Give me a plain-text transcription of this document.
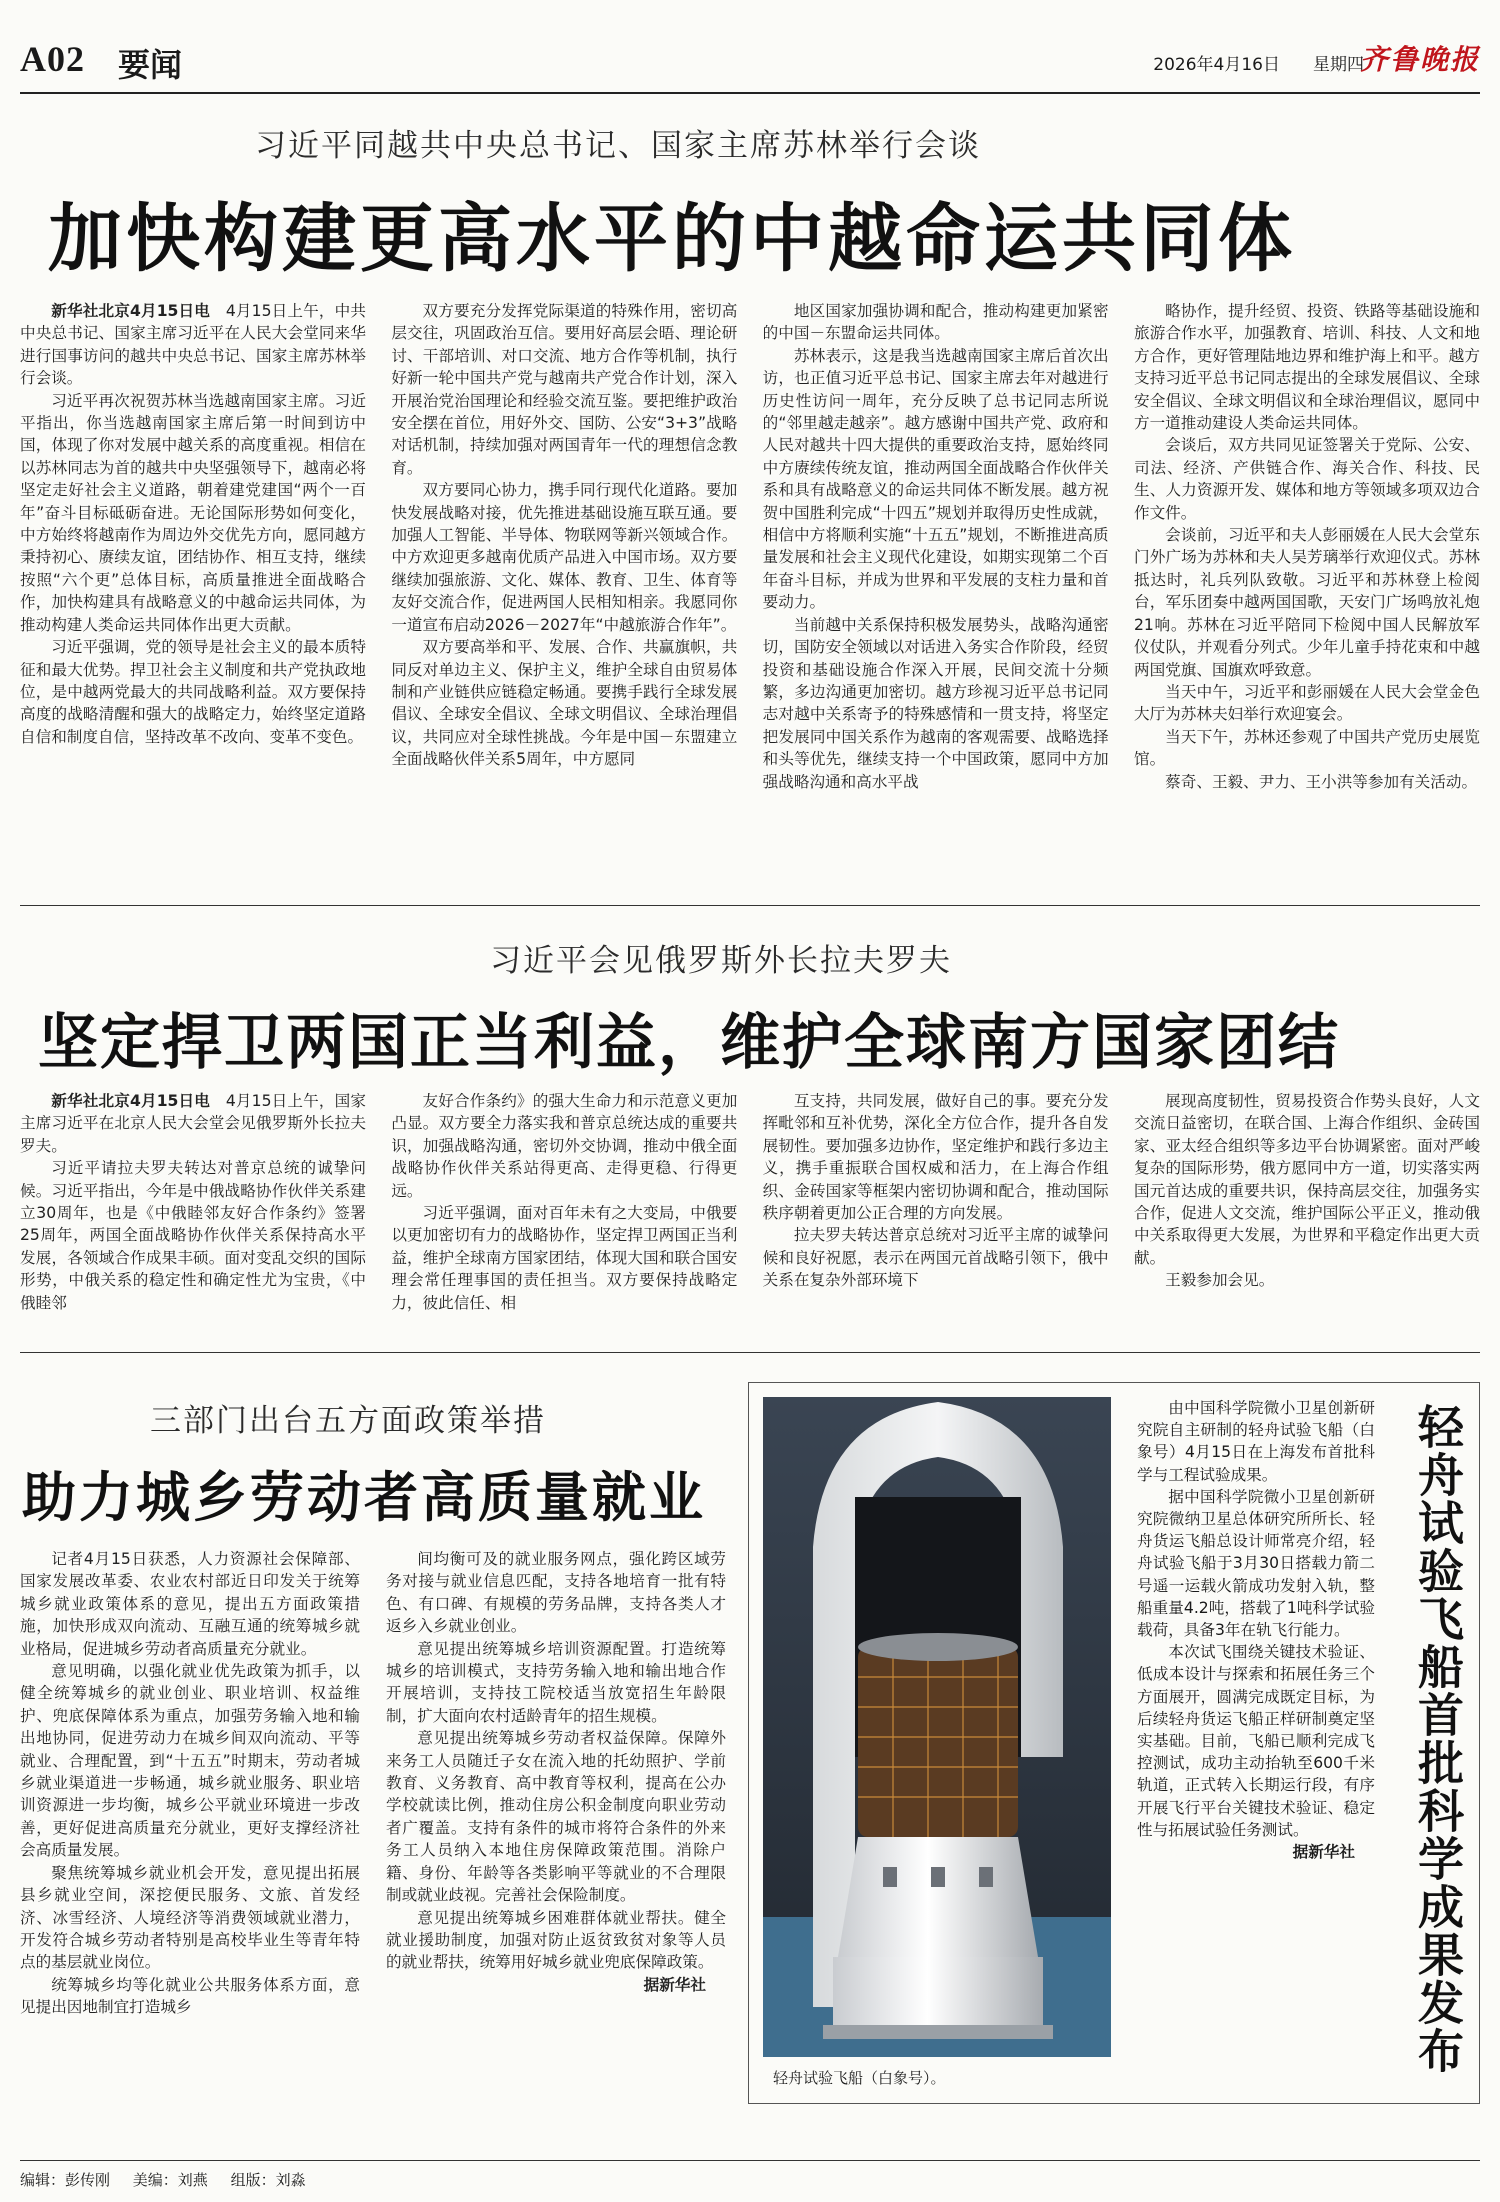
A02 要闻	2026年4月16日 星期四
齐鲁晚报
习近平同越共中央总书记、国家主席苏林举行会谈
加快构建更高水平的中越命运共同体

新华社北京4月15日电　 4月15日上午，中共中央总书记、国家主席习近平在人民大会堂同来华进行国事访问的越共中央总书记、国家主席苏林举行会谈。

习近平再次祝贺苏林当选越南国家主席。习近平指出，你当选越南国家主席后第一时间到访中国，体现了你对发展中越关系的高度重视。相信在以苏林同志为首的越共中央坚强领导下，越南必将坚定走好社会主义道路，朝着建党建国“两个一百年”奋斗目标砥砺奋进。无论国际形势如何变化，中方始终将越南作为周边外交优先方向，愿同越方秉持初心、赓续友谊，团结协作、相互支持，继续按照“六个更”总体目标，高质量推进全面战略合作，加快构建具有战略意义的中越命运共同体，为推动构建人类命运共同体作出更大贡献。

习近平强调，党的领导是社会主义的最本质特征和最大优势。捍卫社会主义制度和共产党执政地位，是中越两党最大的共同战略利益。双方要保持高度的战略清醒和强大的战略定力，始终坚定道路自信和制度自信，坚持改革不改向、变革不变色。

双方要充分发挥党际渠道的特殊作用，密切高层交往，巩固政治互信。要用好高层会晤、理论研讨、干部培训、对口交流、地方合作等机制，执行好新一轮中国共产党与越南共产党合作计划，深入开展治党治国理论和经验交流互鉴。要把维护政治安全摆在首位，用好外交、国防、公安“3+3”战略对话机制，持续加强对两国青年一代的理想信念教育。

双方要同心协力，携手同行现代化道路。要加快发展战略对接，优先推进基础设施互联互通。要加强人工智能、半导体、物联网等新兴领域合作。中方欢迎更多越南优质产品进入中国市场。双方要继续加强旅游、文化、媒体、教育、卫生、体育等友好交流合作，促进两国人民相知相亲。我愿同你一道宣布启动2026－2027年“中越旅游合作年”。

双方要高举和平、发展、合作、共赢旗帜，共同反对单边主义、保护主义，维护全球自由贸易体制和产业链供应链稳定畅通。要携手践行全球发展倡议、全球安全倡议、全球文明倡议、全球治理倡议，共同应对全球性挑战。今年是中国－东盟建立全面战略伙伴关系5周年，中方愿同

地区国家加强协调和配合，推动构建更加紧密的中国－东盟命运共同体。

苏林表示，这是我当选越南国家主席后首次出访，也正值习近平总书记、国家主席去年对越进行历史性访问一周年，充分反映了总书记同志所说的“邻里越走越亲”。越方感谢中国共产党、政府和人民对越共十四大提供的重要政治支持，愿始终同中方赓续传统友谊，推动两国全面战略合作伙伴关系和具有战略意义的命运共同体不断发展。越方祝贺中国胜利完成“十四五”规划并取得历史性成就，相信中方将顺利实施“十五五”规划，不断推进高质量发展和社会主义现代化建设，如期实现第二个百年奋斗目标，并成为世界和平发展的支柱力量和首要动力。

当前越中关系保持积极发展势头，战略沟通密切，国防安全领域以对话进入务实合作阶段，经贸投资和基础设施合作深入开展，民间交流十分频繁，多边沟通更加密切。越方珍视习近平总书记同志对越中关系寄予的特殊感情和一贯支持，将坚定把发展同中国关系作为越南的客观需要、战略选择和头等优先，继续支持一个中国政策，愿同中方加强战略沟通和高水平战

略协作，提升经贸、投资、铁路等基础设施和旅游合作水平，加强教育、培训、科技、人文和地方合作，更好管理陆地边界和维护海上和平。越方支持习近平总书记同志提出的全球发展倡议、全球安全倡议、全球文明倡议和全球治理倡议，愿同中方一道推动建设人类命运共同体。

会谈后，双方共同见证签署关于党际、公安、司法、经济、产供链合作、海关合作、科技、民生、人力资源开发、媒体和地方等领域多项双边合作文件。

会谈前，习近平和夫人彭丽媛在人民大会堂东门外广场为苏林和夫人吴芳璃举行欢迎仪式。苏林抵达时，礼兵列队致敬。习近平和苏林登上检阅台，军乐团奏中越两国国歌，天安门广场鸣放礼炮21响。苏林在习近平陪同下检阅中国人民解放军仪仗队，并观看分列式。少年儿童手持花束和中越两国党旗、国旗欢呼致意。

当天中午，习近平和彭丽媛在人民大会堂金色大厅为苏林夫妇举行欢迎宴会。

当天下午，苏林还参观了中国共产党历史展览馆。

蔡奇、王毅、尹力、王小洪等参加有关活动。

习近平会见俄罗斯外长拉夫罗夫
坚定捍卫两国正当利益，维护全球南方国家团结

新华社北京4月15日电　 4月15日上午，国家主席习近平在北京人民大会堂会见俄罗斯外长拉夫罗夫。

习近平请拉夫罗夫转达对普京总统的诚挚问候。习近平指出，今年是中俄战略协作伙伴关系建立30周年，也是《中俄睦邻友好合作条约》签署25周年，两国全面战略协作伙伴关系保持高水平发展，各领域合作成果丰硕。面对变乱交织的国际形势，中俄关系的稳定性和确定性尤为宝贵，《中俄睦邻

友好合作条约》的强大生命力和示范意义更加凸显。双方要全力落实我和普京总统达成的重要共识，加强战略沟通，密切外交协调，推动中俄全面战略协作伙伴关系站得更高、走得更稳、行得更远。

习近平强调，面对百年未有之大变局，中俄要以更加密切有力的战略协作，坚定捍卫两国正当利益，维护全球南方国家团结，体现大国和联合国安理会常任理事国的责任担当。双方要保持战略定力，彼此信任、相

互支持，共同发展，做好自己的事。要充分发挥毗邻和互补优势，深化全方位合作，提升各自发展韧性。要加强多边协作，坚定维护和践行多边主义，携手重振联合国权威和活力，在上海合作组织、金砖国家等框架内密切协调和配合，推动国际秩序朝着更加公正合理的方向发展。

拉夫罗夫转达普京总统对习近平主席的诚挚问候和良好祝愿，表示在两国元首战略引领下，俄中关系在复杂外部环境下

展现高度韧性，贸易投资合作势头良好，人文交流日益密切，在联合国、上海合作组织、金砖国家、亚太经合组织等多边平台协调紧密。面对严峻复杂的国际形势，俄方愿同中方一道，切实落实两国元首达成的重要共识，保持高层交往，加强务实合作，促进人文交流，维护国际公平正义，推动俄中关系取得更大发展，为世界和平稳定作出更大贡献。

王毅参加会见。

三部门出台五方面政策举措
助力城乡劳动者高质量就业

记者4月15日获悉，人力资源社会保障部、国家发展改革委、农业农村部近日印发关于统筹城乡就业政策体系的意见，提出五方面政策措施，加快形成双向流动、互融互通的统筹城乡就业格局，促进城乡劳动者高质量充分就业。

意见明确，以强化就业优先政策为抓手，以健全统筹城乡的就业创业、职业培训、权益维护、兜底保障体系为重点，加强劳务输入地和输出地协同，促进劳动力在城乡间双向流动、平等就业、合理配置，到“十五五”时期末，劳动者城乡就业渠道进一步畅通，城乡就业服务、职业培训资源进一步均衡，城乡公平就业环境进一步改善，更好促进高质量充分就业，更好支撑经济社会高质量发展。

聚焦统筹城乡就业机会开发，意见提出拓展县乡就业空间，深挖便民服务、文旅、首发经济、冰雪经济、人境经济等消费领域就业潜力，开发符合城乡劳动者特别是高校毕业生等青年特点的基层就业岗位。

统筹城乡均等化就业公共服务体系方面，意见提出因地制宜打造城乡

间均衡可及的就业服务网点，强化跨区域劳务对接与就业信息匹配，支持各地培育一批有特色、有口碑、有规模的劳务品牌，支持各类人才返乡入乡就业创业。

意见提出统筹城乡培训资源配置。打造统筹城乡的培训模式，支持劳务输入地和输出地合作开展培训，支持技工院校适当放宽招生年龄限制，扩大面向农村适龄青年的招生规模。

意见提出统筹城乡劳动者权益保障。保障外来务工人员随迁子女在流入地的托幼照护、学前教育、义务教育、高中教育等权利，提高在公办学校就读比例，推动住房公积金制度向职业劳动者广覆盖。支持有条件的城市将符合条件的外来务工人员纳入本地住房保障政策范围。消除户籍、身份、年龄等各类影响平等就业的不合理限制或就业歧视。完善社会保险制度。

意见提出统筹城乡困难群体就业帮扶。健全就业援助制度，加强对防止返贫致贫对象等人员的就业帮扶，统筹用好城乡就业兜底保障政策。

据新华社

轻舟试验飞船（白象号）。

由中国科学院微小卫星创新研究院自主研制的轻舟试验飞船（白象号）4月15日在上海发布首批科学与工程试验成果。

据中国科学院微小卫星创新研究院微纳卫星总体研究所所长、轻舟货运飞船总设计师常亮介绍，轻舟试验飞船于3月30日搭载力箭二号遥一运载火箭成功发射入轨，整船重量4.2吨，搭载了1吨科学试验载荷，具备3年在轨飞行能力。

本次试飞围绕关键技术验证、低成本设计与探索和拓展任务三个方面展开，圆满完成既定目标，为后续轻舟货运飞船正样研制奠定坚实基础。目前，飞船已顺利完成飞控测试，成功主动抬轨至600千米轨道，正式转入长期运行段，有序开展飞行平台关键技术验证、稳定性与拓展试验任务测试。

据新华社	轻舟试验飞船首批科学成果发布
编辑：彭传刚 美编：刘燕 组版：刘淼
